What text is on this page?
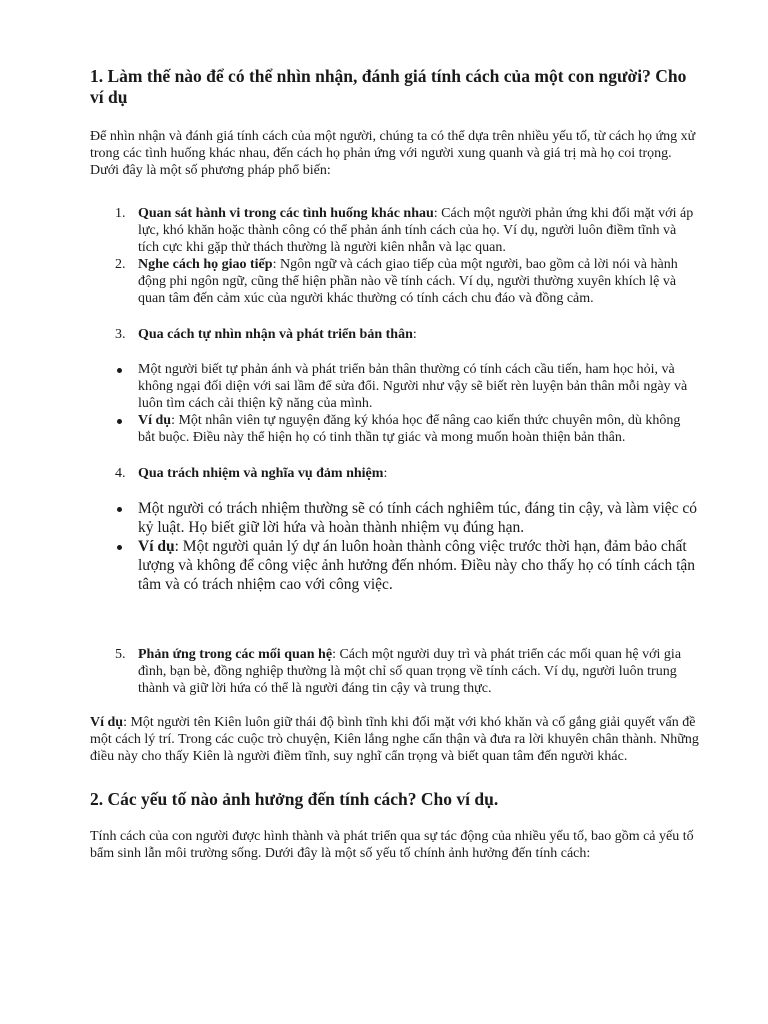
1. Làm thế nào để có thể nhìn nhận, đánh giá tính cách của một con người? Cho ví dụ

Để nhìn nhận và đánh giá tính cách của một người, chúng ta có thể dựa trên nhiều yếu tố, từ cách họ ứng xử trong các tình huống khác nhau, đến cách họ phản ứng với người xung quanh và giá trị mà họ coi trọng. Dưới đây là một số phương pháp phổ biến:

1. Quan sát hành vi trong các tình huống khác nhau: Cách một người phản ứng khi đối mặt với áp lực, khó khăn hoặc thành công có thể phản ánh tính cách của họ. Ví dụ, người luôn điềm tĩnh và tích cực khi gặp thử thách thường là người kiên nhẫn và lạc quan.
2. Nghe cách họ giao tiếp: Ngôn ngữ và cách giao tiếp của một người, bao gồm cả lời nói và hành động phi ngôn ngữ, cũng thể hiện phần nào về tính cách. Ví dụ, người thường xuyên khích lệ và quan tâm đến cảm xúc của người khác thường có tính cách chu đáo và đồng cảm.
3. Qua cách tự nhìn nhận và phát triển bản thân:
Một người biết tự phản ánh và phát triển bản thân thường có tính cách cầu tiến, ham học hỏi, và không ngại đối diện với sai lầm để sửa đổi. Người như vậy sẽ biết rèn luyện bản thân mỗi ngày và luôn tìm cách cải thiện kỹ năng của mình.
Ví dụ: Một nhân viên tự nguyện đăng ký khóa học để nâng cao kiến thức chuyên môn, dù không bắt buộc. Điều này thể hiện họ có tinh thần tự giác và mong muốn hoàn thiện bản thân.
4. Qua trách nhiệm và nghĩa vụ đảm nhiệm:
Một người có trách nhiệm thường sẽ có tính cách nghiêm túc, đáng tin cậy, và làm việc có kỷ luật. Họ biết giữ lời hứa và hoàn thành nhiệm vụ đúng hạn.
Ví dụ: Một người quản lý dự án luôn hoàn thành công việc trước thời hạn, đảm bảo chất lượng và không để công việc ảnh hưởng đến nhóm. Điều này cho thấy họ có tính cách tận tâm và có trách nhiệm cao với công việc.
5. Phản ứng trong các mối quan hệ: Cách một người duy trì và phát triển các mối quan hệ với gia đình, bạn bè, đồng nghiệp thường là một chỉ số quan trọng về tính cách. Ví dụ, người luôn trung thành và giữ lời hứa có thể là người đáng tin cậy và trung thực.

Ví dụ: Một người tên Kiên luôn giữ thái độ bình tĩnh khi đối mặt với khó khăn và cố gắng giải quyết vấn đề một cách lý trí. Trong các cuộc trò chuyện, Kiên lắng nghe cẩn thận và đưa ra lời khuyên chân thành. Những điều này cho thấy Kiên là người điềm tĩnh, suy nghĩ cẩn trọng và biết quan tâm đến người khác.

2. Các yếu tố nào ảnh hưởng đến tính cách? Cho ví dụ.

Tính cách của con người được hình thành và phát triển qua sự tác động của nhiều yếu tố, bao gồm cả yếu tố bẩm sinh lẫn môi trường sống. Dưới đây là một số yếu tố chính ảnh hưởng đến tính cách:
